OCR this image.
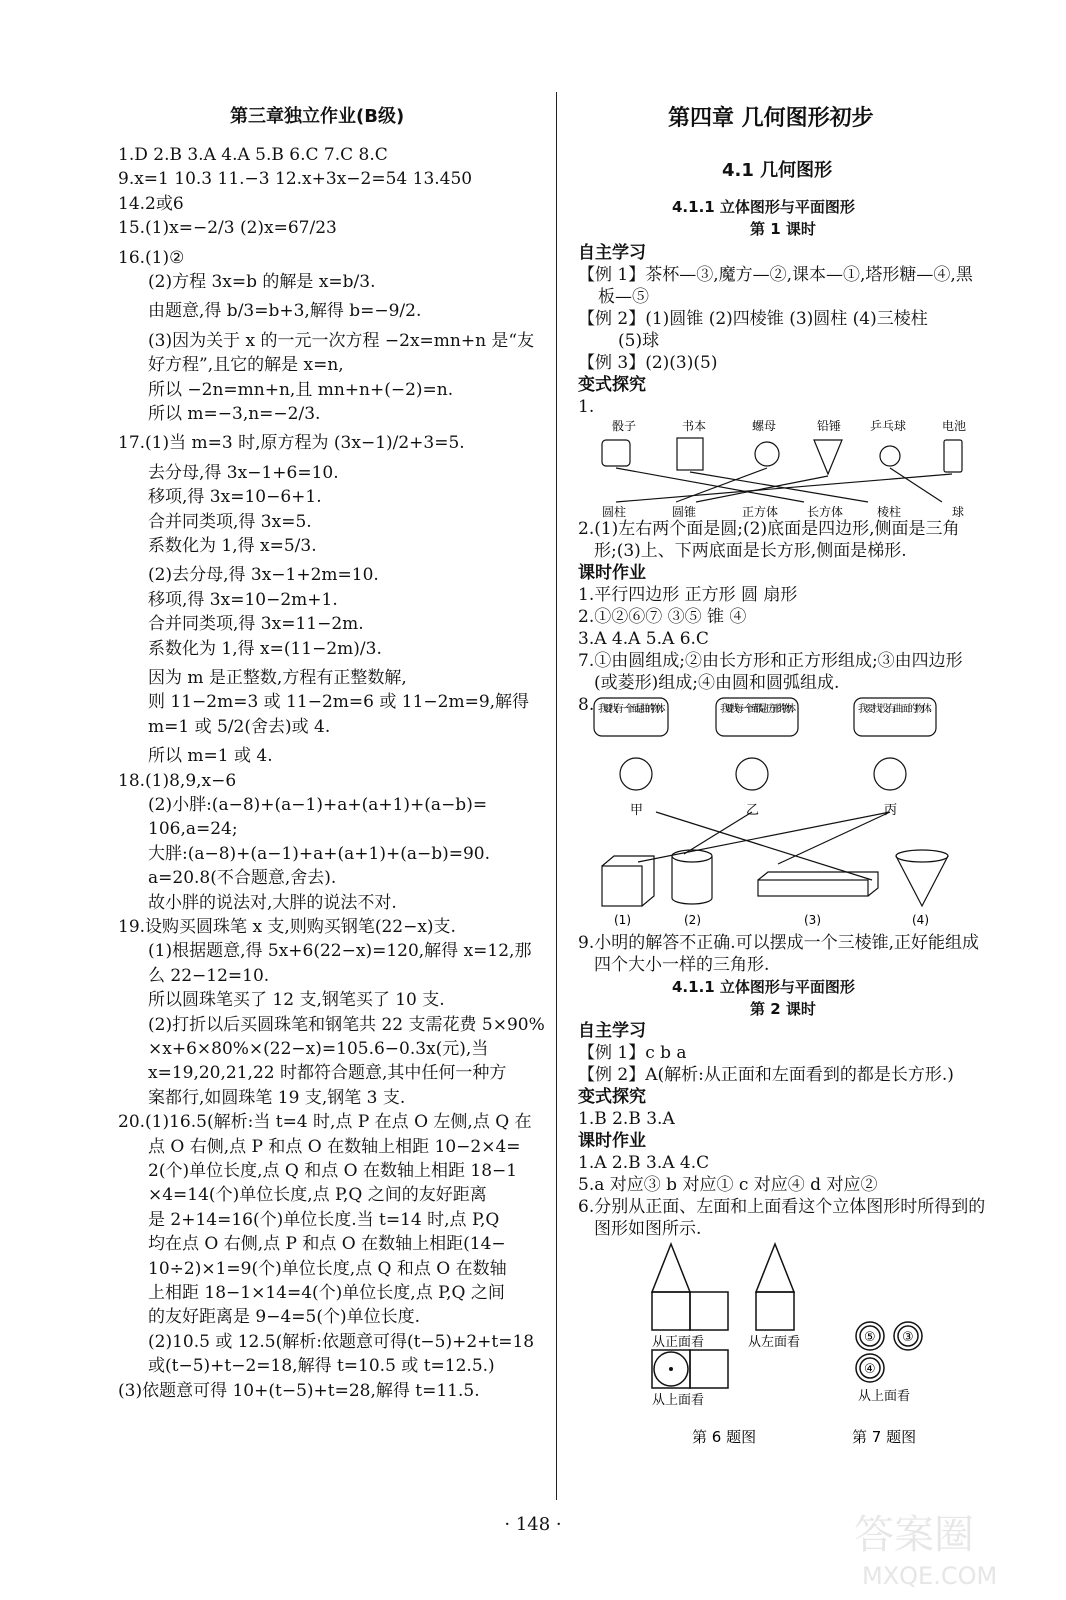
第三章独立作业(B级)
1.D 2.B 3.A 4.A 5.B 6.C 7.C 8.C
9.x=1 10.3 11.−3 12.x+3x−2=54 13.450
14.2或6
15.(1)x=−2/3 (2)x=67/23
16.(1)②
(2)方程 3x=b 的解是 x=b/3.
由题意,得 b/3=b+3,解得 b=−9/2.
(3)因为关于 x 的一元一次方程 −2x=mn+n 是“友
好方程”,且它的解是 x=n,
所以 −2n=mn+n,且 mn+n+(−2)=n.
所以 m=−3,n=−2/3.
17.(1)当 m=3 时,原方程为 (3x−1)/2+3=5.
去分母,得 3x−1+6=10.
移项,得 3x=10−6+1.
合并同类项,得 3x=5.
系数化为 1,得 x=5/3.
(2)去分母,得 3x−1+2m=10.
移项,得 3x=10−2m+1.
合并同类项,得 3x=11−2m.
系数化为 1,得 x=(11−2m)/3.
因为 m 是正整数,方程有正整数解,
则 11−2m=3 或 11−2m=6 或 11−2m=9,解得
m=1 或 5/2(舍去)或 4.
所以 m=1 或 4.
18.(1)8,9,x−6
(2)小胖:(a−8)+(a−1)+a+(a+1)+(a−b)=
106,a=24;
大胖:(a−8)+(a−1)+a+(a+1)+(a−b)=90.
a=20.8(不合题意,舍去).
故小胖的说法对,大胖的说法不对.
19.设购买圆珠笔 x 支,则购买钢笔(22−x)支.
(1)根据题意,得 5x+6(22−x)=120,解得 x=12,那
么 22−12=10.
所以圆珠笔买了 12 支,钢笔买了 10 支.
(2)打折以后买圆珠笔和钢笔共 22 支需花费 5×90%
×x+6×80%×(22−x)=105.6−0.3x(元),当
x=19,20,21,22 时都符合题意,其中任何一种方
案都行,如圆珠笔 19 支,钢笔 3 支.
20.(1)16.5(解析:当 t=4 时,点 P 在点 O 左侧,点 Q 在
点 O 右侧,点 P 和点 O 在数轴上相距 10−2×4=
2(个)单位长度,点 Q 和点 O 在数轴上相距 18−1
×4=14(个)单位长度,点 P,Q 之间的友好距离
是 2+14=16(个)单位长度.当 t=14 时,点 P,Q
均在点 O 右侧,点 P 和点 O 在数轴上相距(14−
10÷2)×1=9(个)单位长度,点 Q 和点 O 在数轴
上相距 18−1×14=4(个)单位长度,点 P,Q 之间
的友好距离是 9−4=5(个)单位长度.
(2)10.5 或 12.5(解析:依题意可得(t−5)+2+t=18
或(t−5)+t−2=18,解得 t=10.5 或 t=12.5.)
(3)依题意可得 10+(t−5)+t=28,解得 t=11.5.
第四章 几何图形初步
4.1 几何图形
4.1.1 立体图形与平面图形
第 1 课时
自主学习
【例 1】茶杯—③,魔方—②,课本—①,塔形糖—④,黑
板—⑤
【例 2】(1)圆锥 (2)四棱锥 (3)圆柱 (4)三棱柱
(5)球
【例 3】(2)(3)(5)
变式探究
1.
骰子	书本	螺母	铅锤 乒乓球	电池
圆柱	圆锥	正方体 长方体	棱柱	球
2.(1)左右两个面是圆;(2)底面是四边形,侧面是三角
形;(3)上、下两底面是长方形,侧面是梯形.
课时作业
1.平行四边形 正方形 圆 扇形
2.①②⑥⑦ ③⑤ 锥 ④
3.A 4.A 5.A 6.C
7.①由圆组成;②由长方形和正方形组成;③由四边形
(或菱形)组成;④由圆和圆弧组成.
8. 我要找有一个面是曲的物体.	我要找每一个面都是正方形的物体.	我要找没有曲面的物体.
甲	乙	丙
(1)	(2)	(3)	(4)
9.小明的解答不正确.可以摆成一个三棱锥,正好能组成
四个大小一样的三角形.
4.1.1 立体图形与平面图形
第 2 课时
自主学习
【例 1】c b a
【例 2】A(解析:从正面和左面看到的都是长方形.)
变式探究
1.B 2.B 3.A
课时作业
1.A 2.B 3.A 4.C
5.a 对应③ b 对应① c 对应④ d 对应②
6.分别从正面、左面和上面看这个立体图形时所得到的
图形如图所示.
从正面看	从左面看
从上面看
⑤ ③
④
从上面看
第 6 题图	第 7 题图
· 148 ·	答案圈
MXQE.COM
